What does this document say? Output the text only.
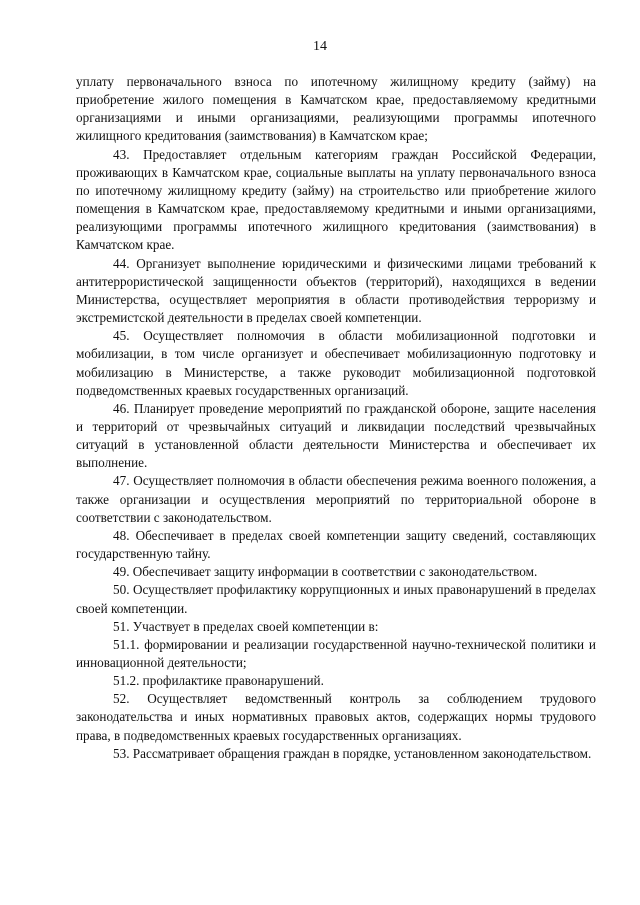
14

уплату первоначального взноса по ипотечному жилищному кредиту (займу) на приобретение жилого помещения в Камчатском крае, предоставляемому кредитными организациями и иными организациями, реализующими программы ипотечного жилищного кредитования (заимствования) в Камчатском крае;

43. Предоставляет отдельным категориям граждан Российской Федерации, проживающих в Камчатском крае, социальные выплаты на уплату первоначального взноса по ипотечному жилищному кредиту (займу) на строительство или приобретение жилого помещения в Камчатском крае, предоставляемому кредитными и иными организациями, реализующими программы ипотечного жилищного кредитования (заимствования) в Камчатском крае.

44. Организует выполнение юридическими и физическими лицами требований к антитеррористической защищенности объектов (территорий), находящихся в ведении Министерства, осуществляет мероприятия в области противодействия терроризму и экстремистской деятельности в пределах своей компетенции.

45. Осуществляет полномочия в области мобилизационной подготовки и мобилизации, в том числе организует и обеспечивает мобилизационную подготовку и мобилизацию в Министерстве, а также руководит мобилизационной подготовкой подведомственных краевых государственных организаций.

46. Планирует проведение мероприятий по гражданской обороне, защите населения и территорий от чрезвычайных ситуаций и ликвидации последствий чрезвычайных ситуаций в установленной области деятельности Министерства и обеспечивает их выполнение.

47. Осуществляет полномочия в области обеспечения режима военного положения, а также организации и осуществления мероприятий по территориальной обороне в соответствии с законодательством.

48. Обеспечивает в пределах своей компетенции защиту сведений, составляющих государственную тайну.

49. Обеспечивает защиту информации в соответствии с законодательством.

50. Осуществляет профилактику коррупционных и иных правонарушений в пределах своей компетенции.

51. Участвует в пределах своей компетенции в:

51.1. формировании и реализации государственной научно-технической политики и инновационной деятельности;

51.2. профилактике правонарушений.

52. Осуществляет ведомственный контроль за соблюдением трудового законодательства и иных нормативных правовых актов, содержащих нормы трудового права, в подведомственных краевых государственных организациях.

53. Рассматривает обращения граждан в порядке, установленном законодательством.
